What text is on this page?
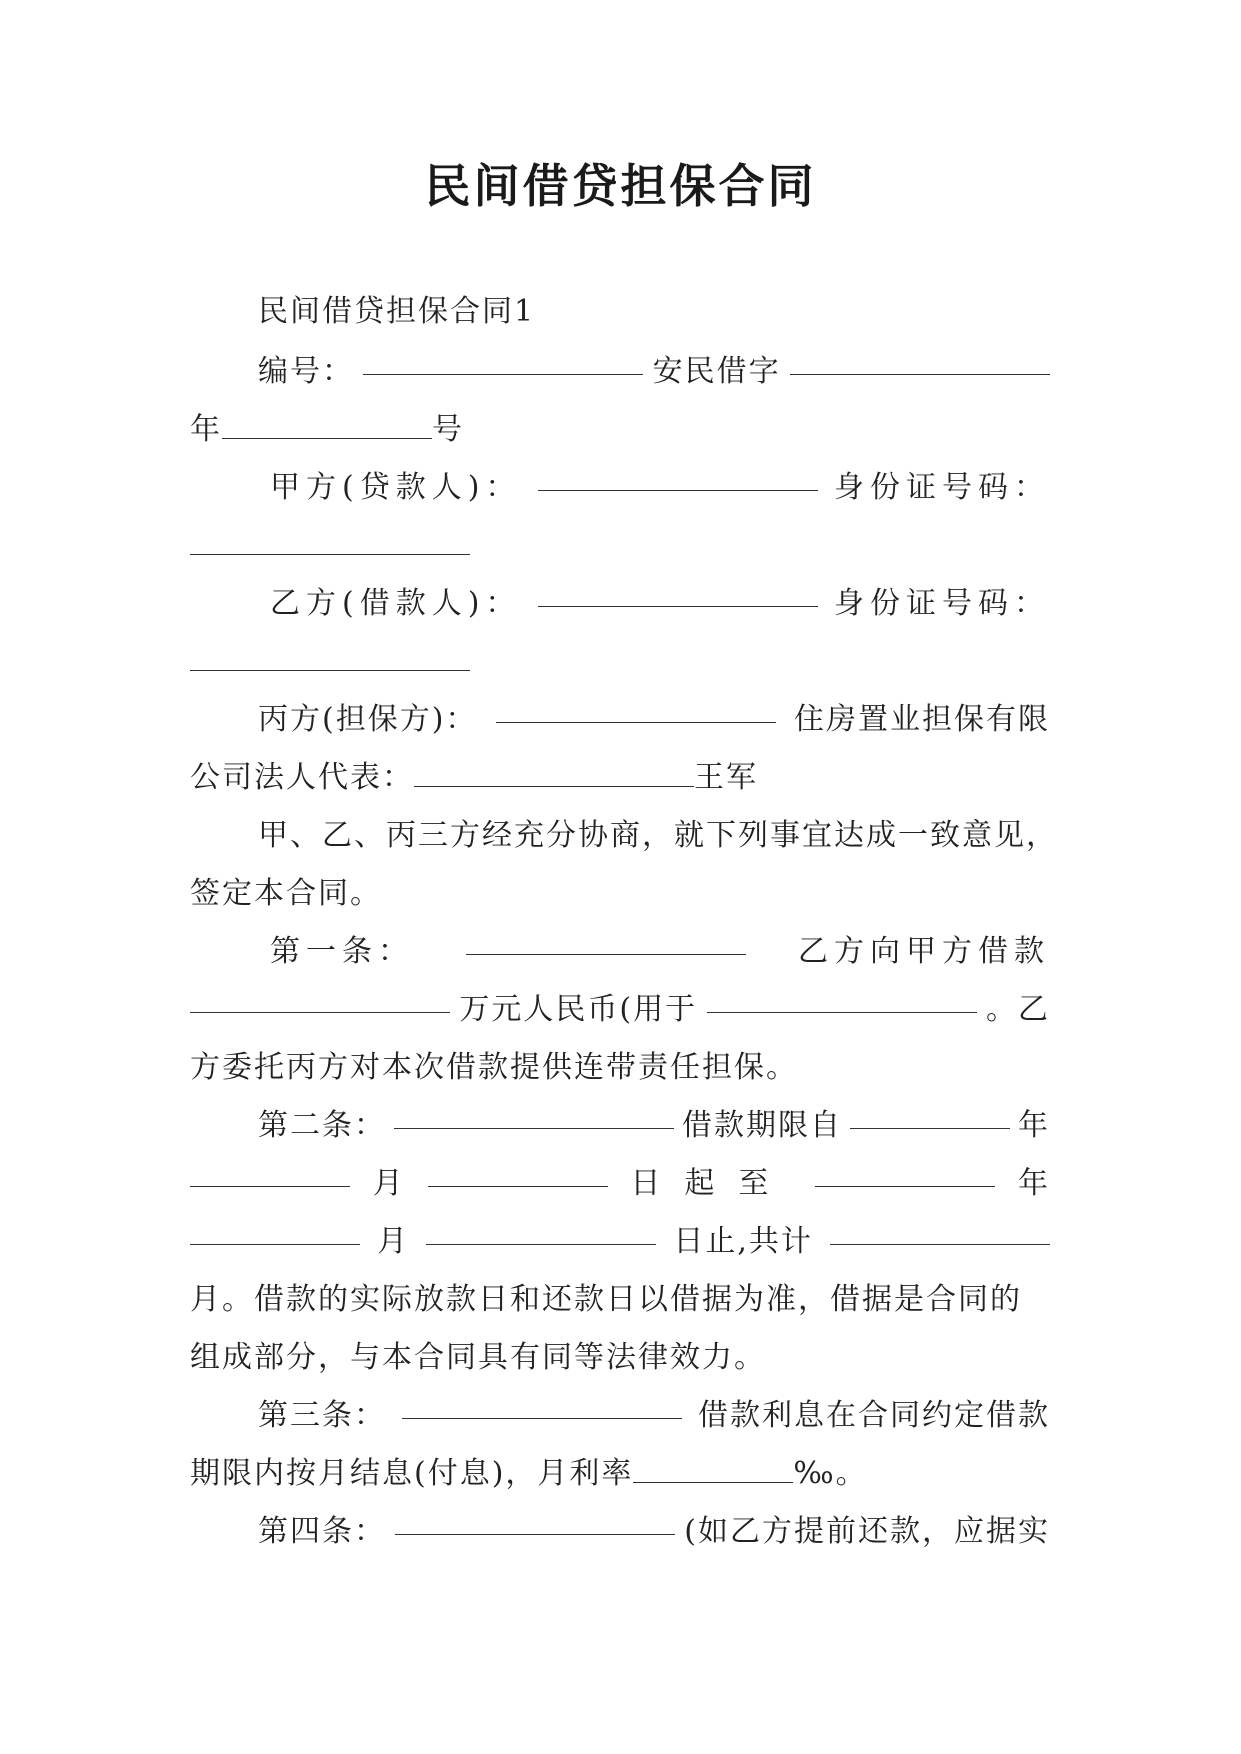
民间借贷担保合同
民间借贷担保合同1
编号：	安民借字
年	号
甲方(贷款人)：	身份证号码：
乙方(借款人)：	身份证号码：
丙方(担保方)：	住房置业担保有限
公司法人代表：	王军
甲、乙、丙三方经充分协商，就下列事宜达成一致意见，
签定本合同。
第一条：	乙方向甲方借款
万元人民币(用于	。乙
方委托丙方对本次借款提供连带责任担保。
第二条：	借款期限自	年
月	日起至	年
月	日止,共计
月。借款的实际放款日和还款日以借据为准，借据是合同的
组成部分，与本合同具有同等法律效力。
第三条：	借款利息在合同约定借款
期限内按月结息(付息)，月利率	‰。
第四条：	(如乙方提前还款，应据实
